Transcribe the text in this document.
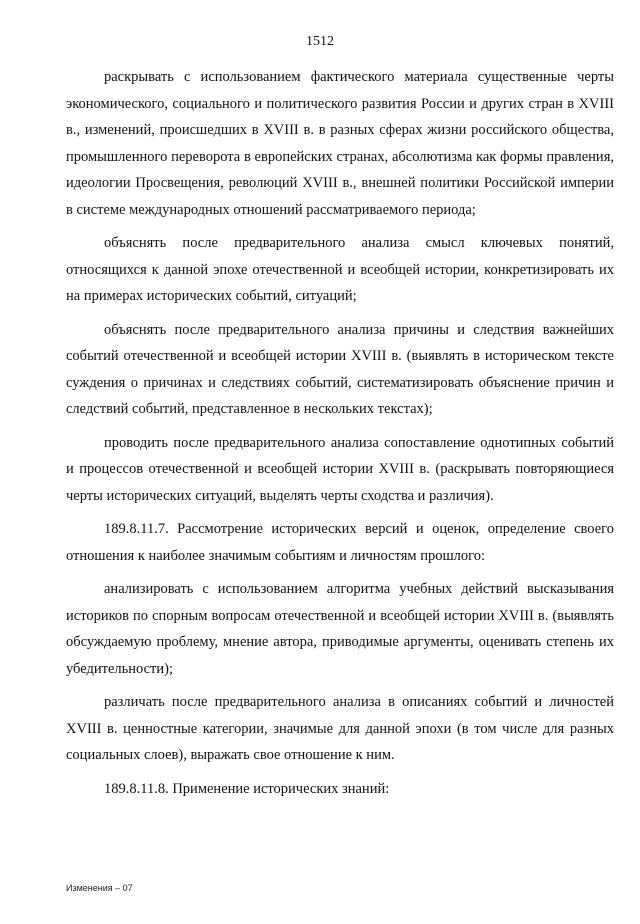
1512

раскрывать с использованием фактического материала существенные черты экономического, социального и политического развития России и других стран в XVIII в., изменений, происшедших в XVIII в. в разных сферах жизни российского общества, промышленного переворота в европейских странах, абсолютизма как формы правления, идеологии Просвещения, революций XVIII в., внешней политики Российской империи в системе международных отношений рассматриваемого периода;

объяснять после предварительного анализа смысл ключевых понятий, относящихся к данной эпохе отечественной и всеобщей истории, конкретизировать их на примерах исторических событий, ситуаций;

объяснять после предварительного анализа причины и следствия важнейших событий отечественной и всеобщей истории XVIII в. (выявлять в историческом тексте суждения о причинах и следствиях событий, систематизировать объяснение причин и следствий событий, представленное в нескольких текстах);

проводить после предварительного анализа сопоставление однотипных событий и процессов отечественной и всеобщей истории XVIII в. (раскрывать повторяющиеся черты исторических ситуаций, выделять черты сходства и различия).

189.8.11.7. Рассмотрение исторических версий и оценок, определение своего отношения к наиболее значимым событиям и личностям прошлого:

анализировать с использованием алгоритма учебных действий высказывания историков по спорным вопросам отечественной и всеобщей истории XVIII в. (выявлять обсуждаемую проблему, мнение автора, приводимые аргументы, оценивать степень их убедительности);

различать после предварительного анализа в описаниях событий и личностей XVIII в. ценностные категории, значимые для данной эпохи (в том числе для разных социальных слоев), выражать свое отношение к ним.

189.8.11.8. Применение исторических знаний:

Изменения – 07
